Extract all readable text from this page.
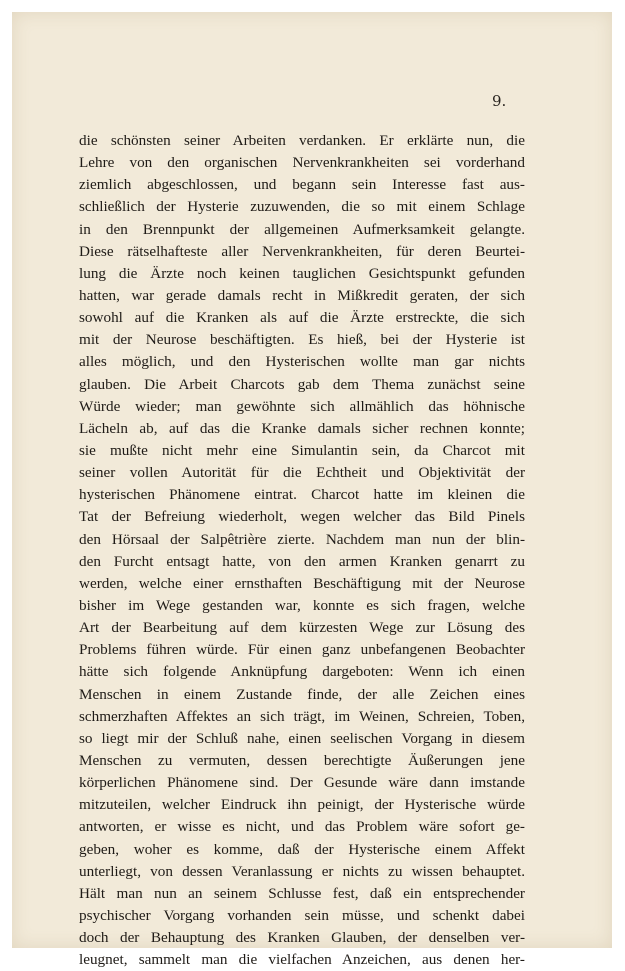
9.

die schönsten seiner Arbeiten verdanken. Er erklärte nun, die
Lehre von den organischen Nervenkrankheiten sei vorderhand
ziemlich abgeschlossen, und begann sein Interesse fast aus-
schließlich der Hysterie zuzuwenden, die so mit einem Schlage
in den Brennpunkt der allgemeinen Aufmerksamkeit gelangte.
Diese rätselhafteste aller Nervenkrankheiten, für deren Beurtei-
lung die Ärzte noch keinen tauglichen Gesichtspunkt gefunden
hatten, war gerade damals recht in Mißkredit geraten, der sich
sowohl auf die Kranken als auf die Ärzte erstreckte, die sich
mit der Neurose beschäftigten. Es hieß, bei der Hysterie ist
alles möglich, und den Hysterischen wollte man gar nichts
glauben. Die Arbeit Charcots gab dem Thema zunächst seine
Würde wieder; man gewöhnte sich allmählich das höhnische
Lächeln ab, auf das die Kranke damals sicher rechnen konnte;
sie mußte nicht mehr eine Simulantin sein, da Charcot mit
seiner vollen Autorität für die Echtheit und Objektivität der
hysterischen Phänomene eintrat. Charcot hatte im kleinen die
Tat der Befreiung wiederholt, wegen welcher das Bild Pinels
den Hörsaal der Salpêtrière zierte. Nachdem man nun der blin-
den Furcht entsagt hatte, von den armen Kranken genarrt zu
werden, welche einer ernsthaften Beschäftigung mit der Neurose
bisher im Wege gestanden war, konnte es sich fragen, welche
Art der Bearbeitung auf dem kürzesten Wege zur Lösung des
Problems führen würde. Für einen ganz unbefangenen Beobachter
hätte sich folgende Anknüpfung dargeboten: Wenn ich einen
Menschen in einem Zustande finde, der alle Zeichen eines
schmerzhaften Affektes an sich trägt, im Weinen, Schreien, Toben,
so liegt mir der Schluß nahe, einen seelischen Vorgang in diesem
Menschen zu vermuten, dessen berechtigte Äußerungen jene
körperlichen Phänomene sind. Der Gesunde wäre dann imstande
mitzuteilen, welcher Eindruck ihn peinigt, der Hysterische würde
antworten, er wisse es nicht, und das Problem wäre sofort ge-
geben, woher es komme, daß der Hysterische einem Affekt
unterliegt, von dessen Veranlassung er nichts zu wissen behauptet.
Hält man nun an seinem Schlusse fest, daß ein entsprechender
psychischer Vorgang vorhanden sein müsse, und schenkt dabei
doch der Behauptung des Kranken Glauben, der denselben ver-
leugnet, sammelt man die vielfachen Anzeichen, aus denen her-
